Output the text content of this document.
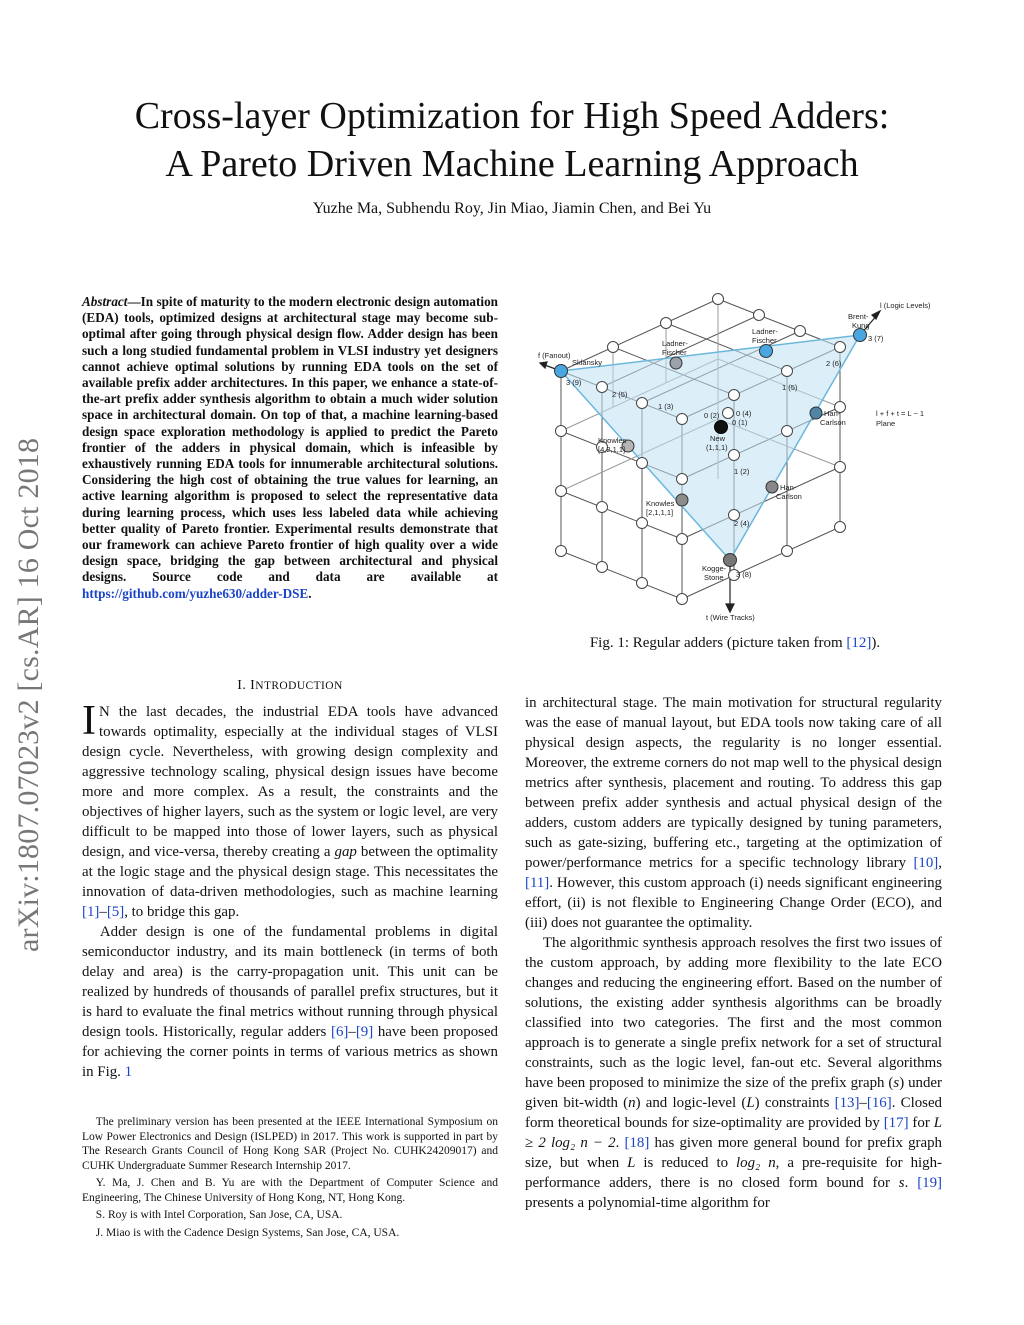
arXiv:1807.07023v2 [cs.AR] 16 Oct 2018
Cross-layer Optimization for High Speed Adders:
A Pareto Driven Machine Learning Approach
Yuzhe Ma, Subhendu Roy, Jin Miao, Jiamin Chen, and Bei Yu
Abstract—In spite of maturity to the modern electronic design automation (EDA) tools, optimized designs at architectural stage may become sub-optimal after going through physical design flow. Adder design has been such a long studied fundamental problem in VLSI industry yet designers cannot achieve optimal solutions by running EDA tools on the set of available prefix adder architectures. In this paper, we enhance a state-of-the-art prefix adder synthesis algorithm to obtain a much wider solution space in architectural domain. On top of that, a machine learning-based design space exploration methodology is applied to predict the Pareto frontier of the adders in physical domain, which is infeasible by exhaustively running EDA tools for innumerable architectural solutions. Considering the high cost of obtaining the true values for learning, an active learning algorithm is proposed to select the representative data during learning process, which uses less labeled data while achieving better quality of Pareto frontier. Experimental results demonstrate that our framework can achieve Pareto frontier of high quality over a wide design space, bridging the gap between architectural and physical designs. Source code and data are available at https://github.com/yuzhe630/adder-DSE.
l (Logic Levels)
f (Fanout)
t (Wire Tracks)
l + f + t = L − 1
Plane
Brent-
Kung
Sklansky
Ladner-
Fischer
Ladner-
Fischer
Han-
Carlson
Han-
Carlson
Knowles
[4,2,1,1]
Knowles
[2,1,1,1]
Kogge-
Stone
New
(1,1,1)
3 (7)
3 (9)
2 (6)
2 (5)
1 (5)
1 (3)
0 (2) 0 (4)
0 (1)
1 (2)
2 (4)
3 (8)
Fig. 1: Regular adders (picture taken from [12]).
I. INTRODUCTION

I N the last decades, the industrial EDA tools have advanced towards optimality, especially at the individual stages of VLSI design cycle. Nevertheless, with growing design complexity and aggressive technology scaling, physical design issues have become more and more complex. As a result, the constraints and the objectives of higher layers, such as the system or logic level, are very difficult to be mapped into those of lower layers, such as physical design, and vice-versa, thereby creating a gap between the optimality at the logic stage and the physical design stage. This necessitates the innovation of data-driven methodologies, such as machine learning [1]–[5], to bridge this gap.

Adder design is one of the fundamental problems in digital semiconductor industry, and its main bottleneck (in terms of both delay and area) is the carry-propagation unit. This unit can be realized by hundreds of thousands of parallel prefix structures, but it is hard to evaluate the final metrics without running through physical design tools. Historically, regular adders [6]–[9] have been proposed for achieving the corner points in terms of various metrics as shown in Fig. 1

The preliminary version has been presented at the IEEE International Symposium on Low Power Electronics and Design (ISLPED) in 2017. This work is supported in part by The Research Grants Council of Hong Kong SAR (Project No. CUHK24209017) and CUHK Undergraduate Summer Research Internship 2017.

Y. Ma, J. Chen and B. Yu are with the Department of Computer Science and Engineering, The Chinese University of Hong Kong, NT, Hong Kong.

S. Roy is with Intel Corporation, San Jose, CA, USA.

J. Miao is with the Cadence Design Systems, San Jose, CA, USA.

in architectural stage. The main motivation for structural regularity was the ease of manual layout, but EDA tools now taking care of all physical design aspects, the regularity is no longer essential. Moreover, the extreme corners do not map well to the physical design metrics after synthesis, placement and routing. To address this gap between prefix adder synthesis and actual physical design of the adders, custom adders are typically designed by tuning parameters, such as gate-sizing, buffering etc., targeting at the optimization of power/performance metrics for a specific technology library [10], [11]. However, this custom approach (i) needs significant engineering effort, (ii) is not flexible to Engineering Change Order (ECO), and (iii) does not guarantee the optimality.

The algorithmic synthesis approach resolves the first two issues of the custom approach, by adding more flexibility to the late ECO changes and reducing the engineering effort. Based on the number of solutions, the existing adder synthesis algorithms can be broadly classified into two categories. The first and the most common approach is to generate a single prefix network for a set of structural constraints, such as the logic level, fan-out etc. Several algorithms have been proposed to minimize the size of the prefix graph (s) under given bit-width (n) and logic-level (L) constraints [13]–[16]. Closed form theoretical bounds for size-optimality are provided by [17] for L ≥ 2 log₂ n − 2. [18] has given more general bound for prefix graph size, but when L is reduced to log₂ n, a pre-requisite for high-performance adders, there is no closed form bound for s. [19] presents a polynomial-time algorithm for
